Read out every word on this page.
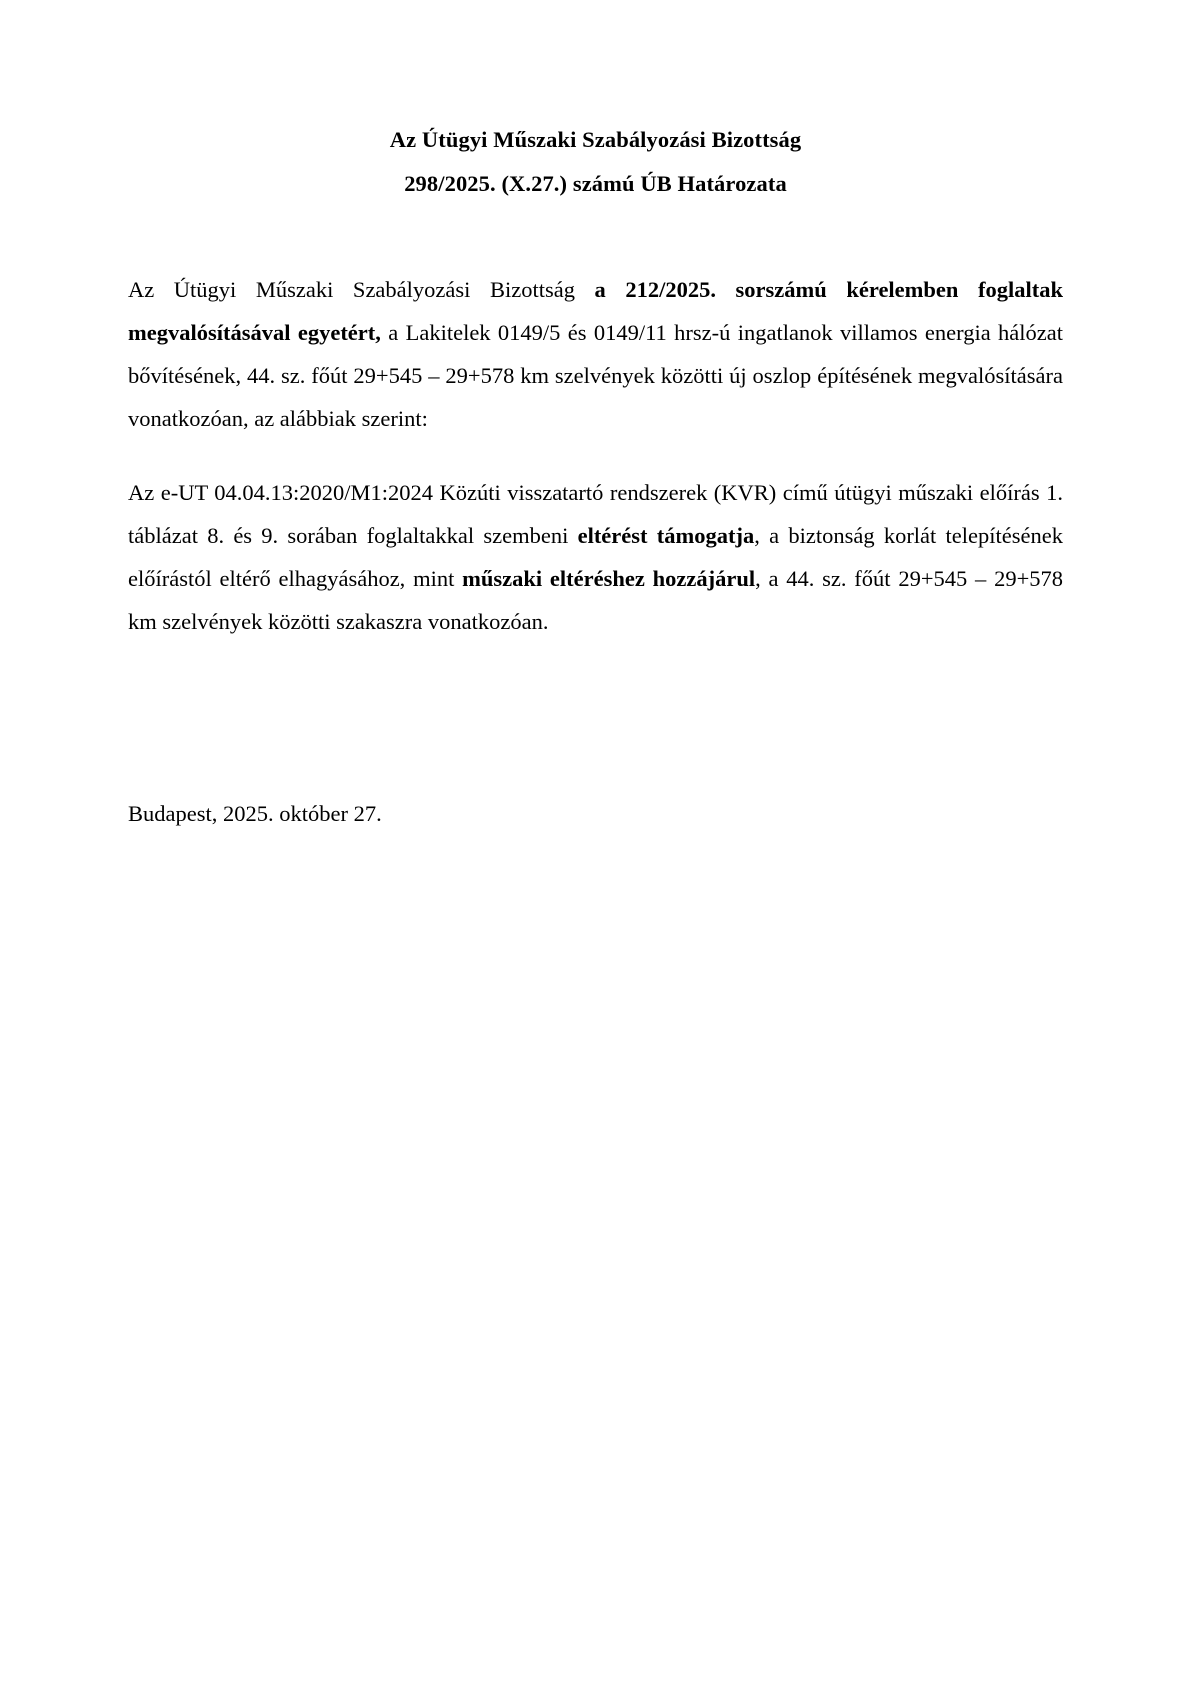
Az Útügyi Műszaki Szabályozási Bizottság
298/2025. (X.27.) számú ÚB Határozata

Az Útügyi Műszaki Szabályozási Bizottság a 212/2025. sorszámú kérelemben foglaltak megvalósításával egyetért, a Lakitelek 0149/5 és 0149/11 hrsz-ú ingatlanok villamos energia hálózat bővítésének, 44. sz. főút 29+545 – 29+578 km szelvények közötti új oszlop építésének megvalósítására vonatkozóan, az alábbiak szerint:

Az e-UT 04.04.13:2020/M1:2024 Közúti visszatartó rendszerek (KVR) című útügyi műszaki előírás 1. táblázat 8. és 9. sorában foglaltakkal szembeni eltérést támogatja, a biztonság korlát telepítésének előírástól eltérő elhagyásához, mint műszaki eltéréshez hozzájárul, a 44. sz. főút 29+545 – 29+578 km szelvények közötti szakaszra vonatkozóan.

Budapest, 2025. október 27.
